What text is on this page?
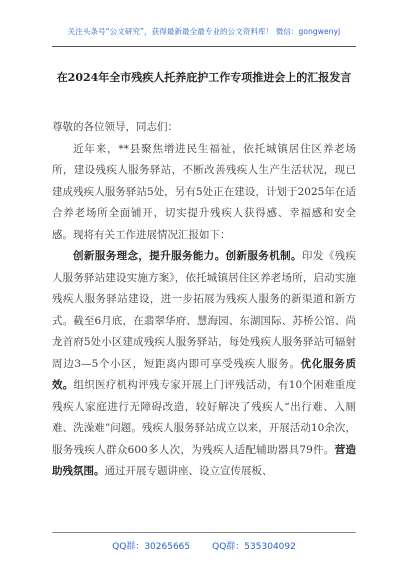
关注头条号“公文研究”，获得最新最全最专业的公文资料库！ 微信：gongwenyj
在2024年全市残疾人托养庇护工作专项推进会上的汇报发言

尊敬的各位领导，同志们：

近年来，**县聚焦增进民生福祉，依托城镇居住区养老场所，建设残疾人服务驿站，不断改善残疾人生产生活状况，现已建成残疾人服务驿站5处，另有5处正在建设，计划于2025年在适合养老场所全面铺开，切实提升残疾人获得感、幸福感和安全感。现将有关工作进展情况汇报如下：

创新服务理念，提升服务能力。创新服务机制。印发《残疾人服务驿站建设实施方案》，依托城镇居住区养老场所，启动实施残疾人服务驿站建设，进一步拓展为残疾人服务的新渠道和新方式。截至6月底，在翡翠华府、慧海园、东湖国际、苏桥公馆、尚龙首府5处小区建成残疾人服务驿站，每处残疾人服务驿站可辐射周边3—5个小区，短距离内即可享受残疾人服务。优化服务质效。组织医疗机构评残专家开展上门评残活动，有10个困难重度残疾人家庭进行无障碍改造，较好解决了残疾人“出行难、入厕难、洗澡难”问题。残疾人服务驿站成立以来，开展活动10余次，服务残疾人群众600多人次，为残疾人适配辅助器具79件。营造助残氛围。通过开展专题讲座、设立宣传展板、

QQ群：30265665 QQ群：535304092
